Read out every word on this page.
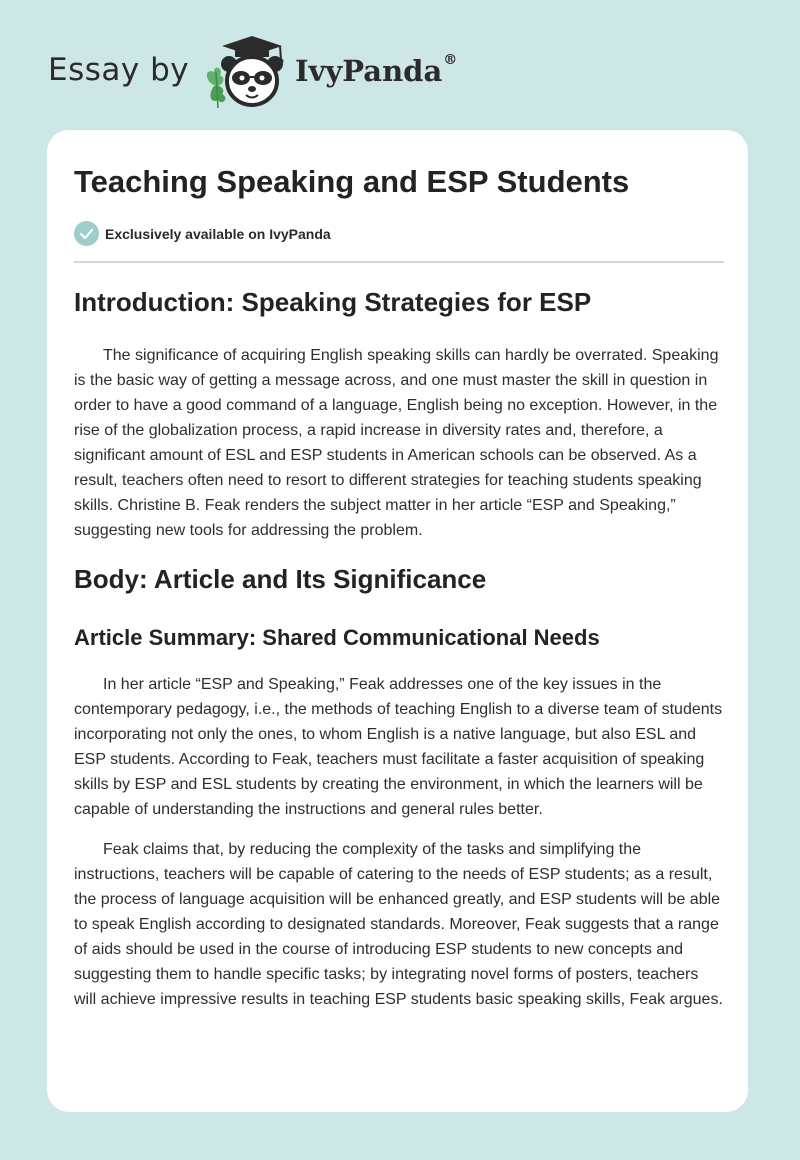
Essay by	IvyPanda®
Teaching Speaking and ESP Students
Exclusively available on IvyPanda
Introduction: Speaking Strategies for ESP

The significance of acquiring English speaking skills can hardly be overrated. Speaking is the basic way of getting a message across, and one must master the skill in question in order to have a good command of a language, English being no exception. However, in the rise of the globalization process, a rapid increase in diversity rates and, therefore, a significant amount of ESL and ESP students in American schools can be observed. As a result, teachers often need to resort to different strategies for teaching students speaking skills. Christine B. Feak renders the subject matter in her article “ESP and Speaking,” suggesting new tools for addressing the problem.

Body: Article and Its Significance
Article Summary: Shared Communicational Needs

In her article “ESP and Speaking,” Feak addresses one of the key issues in the contemporary pedagogy, i.e., the methods of teaching English to a diverse team of students incorporating not only the ones, to whom English is a native language, but also ESL and ESP students. According to Feak, teachers must facilitate a faster acquisition of speaking skills by ESP and ESL students by creating the environment, in which the learners will be capable of understanding the instructions and general rules better.

Feak claims that, by reducing the complexity of the tasks and simplifying the instructions, teachers will be capable of catering to the needs of ESP students; as a result, the process of language acquisition will be enhanced greatly, and ESP students will be able to speak English according to designated standards. Moreover, Feak suggests that a range of aids should be used in the course of introducing ESP students to new concepts and suggesting them to handle specific tasks; by integrating novel forms of posters, teachers will achieve impressive results in teaching ESP students basic speaking skills, Feak argues.
